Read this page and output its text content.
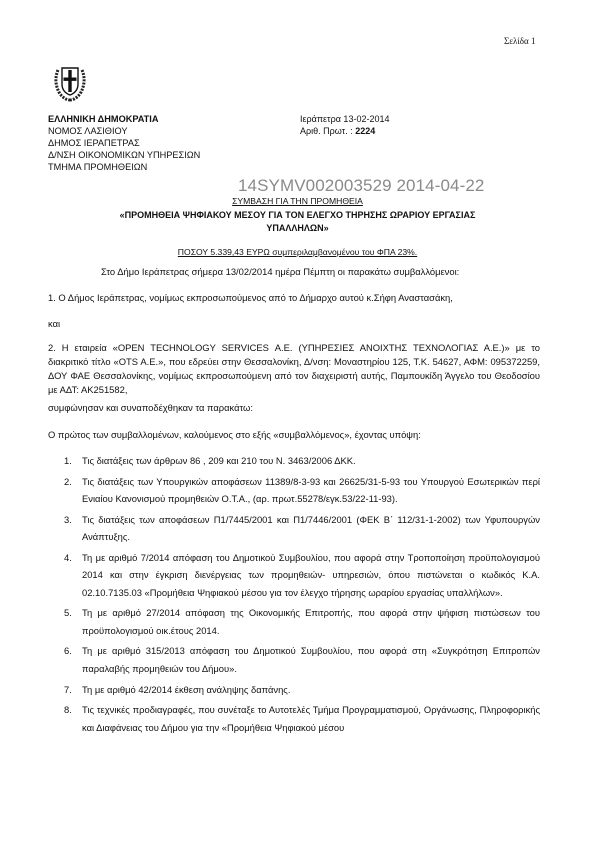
Σελίδα 1
ΕΛΛΗΝΙΚΗ ΔΗΜΟΚΡΑΤΙΑ
ΝΟΜΟΣ ΛΑΣΙΘΙΟΥ
ΔΗΜΟΣ ΙΕΡΑΠΕΤΡΑΣ
Δ/ΝΣΗ ΟΙΚΟΝΟΜΙΚΩΝ ΥΠΗΡΕΣΙΩΝ
ΤΜΗΜΑ ΠΡΟΜΗΘΕΙΩΝ
Ιεράπετρα 13-02-2014
Αριθ. Πρωτ. : 2224
14SYMV002003529 2014-04-22
ΣΥΜΒΑΣΗ ΓΙΑ ΤΗΝ ΠΡΟΜΗΘΕΙΑ
«ΠΡΟΜΗΘΕΙΑ ΨΗΦΙΑΚΟΥ ΜΕΣΟΥ ΓΙΑ ΤΟΝ ΕΛΕΓΧΟ ΤΗΡΗΣΗΣ ΩΡΑΡΙΟΥ ΕΡΓΑΣΙΑΣ ΥΠΑΛΛΗΛΩΝ»
ΠΟΣΟΥ 5.339,43 ΕΥΡΩ συμπεριλαμβανομένου του ΦΠΑ 23%.
Στο Δήμο Ιεράπετρας σήμερα 13/02/2014 ημέρα Πέμπτη οι παρακάτω συμβαλλόμενοι:
1. Ο Δήμος Ιεράπετρας, νομίμως εκπροσωπούμενος από το Δήμαρχο αυτού κ.Σήφη Αναστασάκη,
και
2. Η εταιρεία «OPEN TECHNOLOGY SERVICES Α.Ε. (ΥΠΗΡΕΣΙΕΣ ΑΝΟΙΧΤΗΣ ΤΕΧΝΟΛΟΓΙΑΣ Α.Ε.)» με το διακριτικό τίτλο «OTS A.E.», που εδρεύει στην Θεσσαλονίκη, Δ/νση: Μοναστηρίου 125, Τ.Κ. 54627, ΑΦΜ: 095372259, ΔΟΥ ΦΑΕ Θεσσαλονίκης, νομίμως εκπροσωπούμενη από τον διαχειριστή αυτής, Παμπουκίδη Άγγελο του Θεοδοσίου με ΑΔΤ: ΑΚ251582,
συμφώνησαν και συναποδέχθηκαν τα παρακάτω:
Ο πρώτος των συμβαλλομένων, καλούμενος στο εξής «συμβαλλόμενος», έχοντας υπόψη:
1. Τις διατάξεις των άρθρων 86 , 209 και 210 του Ν. 3463/2006 ΔΚΚ.
2. Τις διατάξεις των Υπουργικών αποφάσεων 11389/8-3-93 και 26625/31-5-93 του Υπουργού Εσωτερικών περί Ενιαίου Κανονισμού προμηθειών Ο.Τ.Α., (αρ. πρωτ.55278/εγκ.53/22-11-93).
3. Τις διατάξεις των αποφάσεων Π1/7445/2001 και Π1/7446/2001 (ΦΕΚ Β΄ 112/31-1-2002) των Υφυπουργών Ανάπτυξης.
4. Τη με αριθμό 7/2014 απόφαση του Δημοτικού Συμβουλίου, που αφορά στην Τροποποίηση προϋπολογισμού 2014 και στην έγκριση διενέργειας των προμηθειών- υπηρεσιών, όπου πιστώνεται ο κωδικός Κ.Α. 02.10.7135.03 «Προμήθεια Ψηφιακού μέσου για τον έλεγχο τήρησης ωραρίου εργασίας υπαλλήλων».
5. Τη με αριθμό 27/2014 απόφαση της Οικονομικής Επιτροπής, που αφορά στην ψήφιση πιστώσεων του προϋπολογισμού οικ.έτους 2014.
6. Τη με αριθμό 315/2013 απόφαση του Δημοτικού Συμβουλίου, που αφορά στη «Συγκρότηση Επιτροπών παραλαβής προμηθειών του Δήμου».
7. Τη με αριθμό 42/2014 έκθεση ανάληψης δαπάνης.
8. Τις τεχνικές προδιαγραφές, που συνέταξε το Αυτοτελές Τμήμα Προγραμματισμού, Οργάνωσης, Πληροφορικής και Διαφάνειας του Δήμου για την «Προμήθεια Ψηφιακού μέσου
